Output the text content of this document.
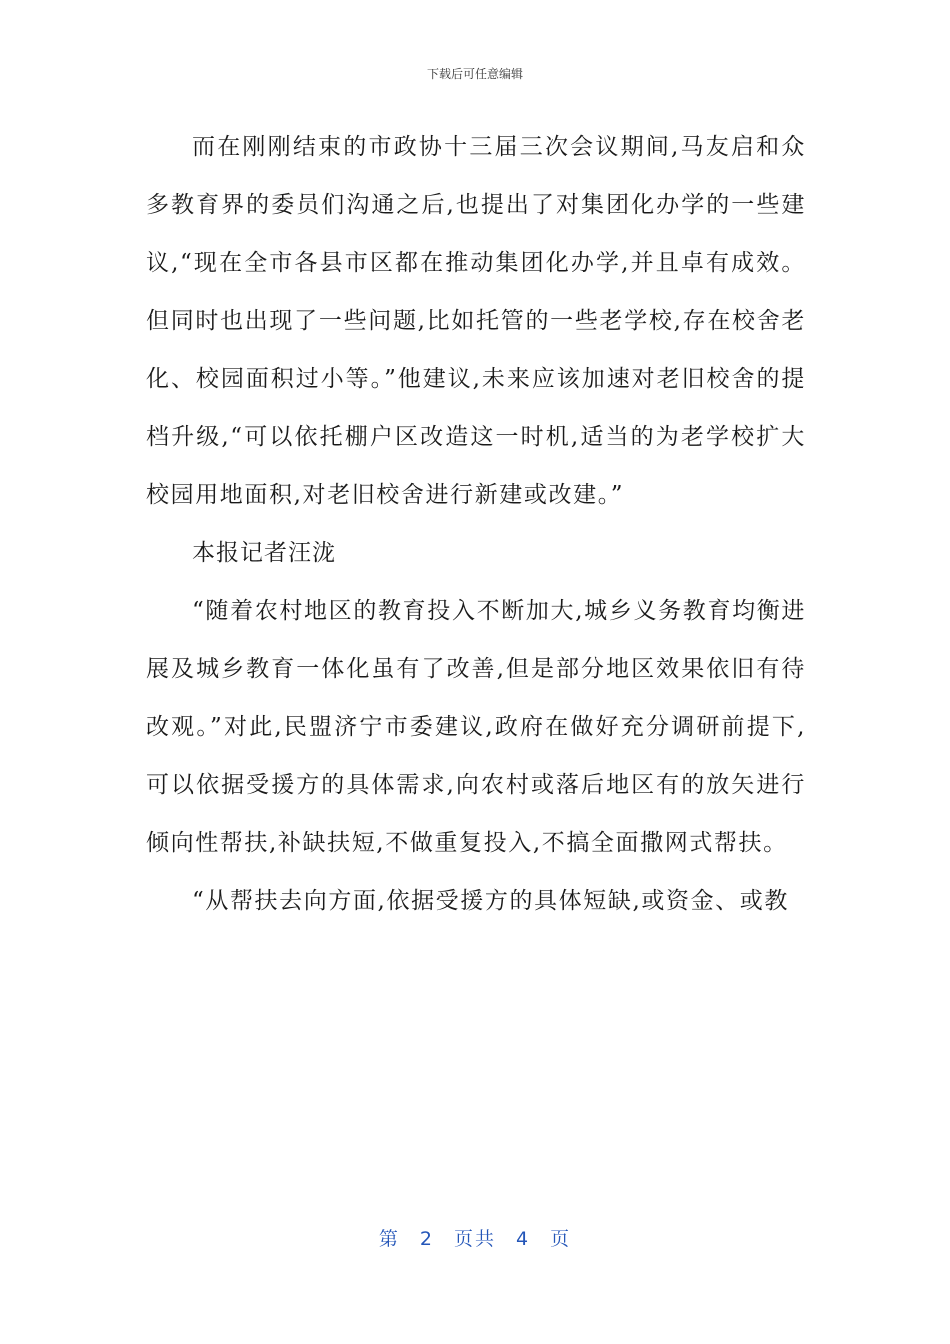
下载后可任意编辑

而在刚刚结束的市政协十三届三次会议期间,马友启和众多教育界的委员们沟通之后,也提出了对集团化办学的一些建议,“现在全市各县市区都在推动集团化办学,并且卓有成效。但同时也出现了一些问题,比如托管的一些老学校,存在校舍老化、校园面积过小等。”他建议,未来应该加速对老旧校舍的提档升级,“可以依托棚户区改造这一时机,适当的为老学校扩大校园用地面积,对老旧校舍进行新建或改建。”

本报记者汪泷

“随着农村地区的教育投入不断加大,城乡义务教育均衡进展及城乡教育一体化虽有了改善,但是部分地区效果依旧有待改观。”对此,民盟济宁市委建议,政府在做好充分调研前提下,可以依据受援方的具体需求,向农村或落后地区有的放矢进行倾向性帮扶,补缺扶短,不做重复投入,不搞全面撒网式帮扶。

“从帮扶去向方面,依据受援方的具体短缺,或资金、或教

第 2 页共 4 页
